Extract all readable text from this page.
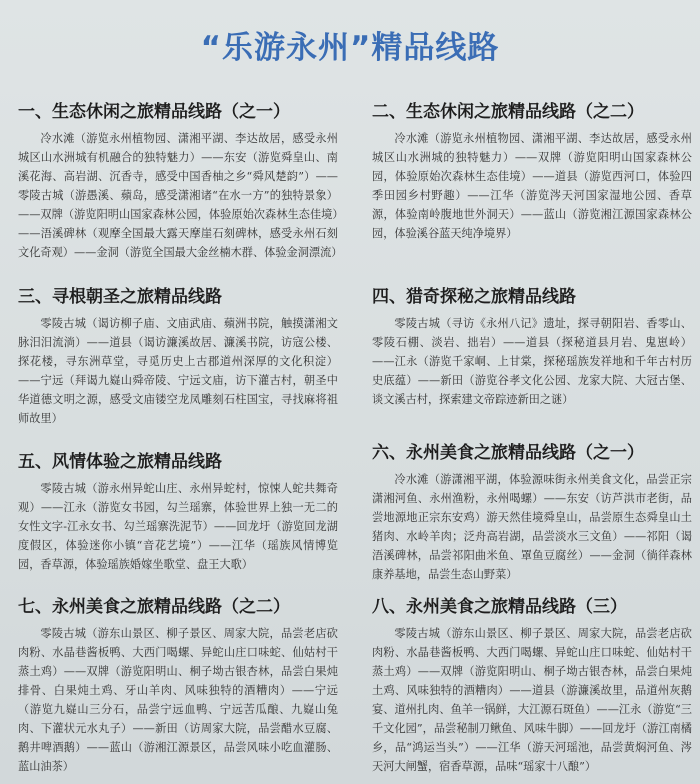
“乐游永州”精品线路
一、生态休闲之旅精品线路（之一）

冷水滩（游览永州植物园、潇湘平湖、李达故居，感受永州城区山水洲城有机融合的独特魅力）——东安（游览舜皇山、南溪花海、高岩湖、沉香寺，感受中国香柚之乡“舜风楚韵”）——零陵古城（游愚溪、蘋岛，感受潇湘诸“在水一方”的独特景象）——双牌（游览阳明山国家森林公园，体验原始次森林生态佳境）——浯溪碑林（观摩全国最大露天摩崖石刻碑林，感受永州石刻文化奇观）——金洞（游览全国最大金丝楠木群、体验金洞漂流）

二、生态休闲之旅精品线路（之二）

冷水滩（游览永州植物园、潇湘平湖、李达故居，感受永州城区山水洲城的独特魅力）——双牌（游览阳明山国家森林公园，体验原始次森林生态佳境）——道县（游览西河口，体验四季田园乡村野趣）——江华（游览涔天河国家湿地公园、香草源，体验南岭腹地世外洞天）——蓝山（游览湘江源国家森林公园，体验溪谷蓝天纯净境界）

三、寻根朝圣之旅精品线路

零陵古城（谒访柳子庙、文庙武庙、蘋洲书院，触摸潇湘文脉汨汨流淌）——道县（谒访濂溪故居、濂溪书院，访寇公楼、探花楼，寻东洲草堂，寻觅历史上古郡道州深厚的文化积淀）——宁远（拜谒九嶷山舜帝陵、宁远文庙，访下灌古村，朝圣中华道德文明之源，感受文庙镂空龙凤雕刻石柱国宝，寻找麻将祖师故里）

四、猎奇探秘之旅精品线路

零陵古城（寻访《永州八记》遗址，探寻朝阳岩、香零山、零陵石棚、淡岩、拙岩）——道县（探秘道县月岩、鬼崽岭）——江永（游览千家峒、上甘棠，探秘瑶族发祥地和千年古村历史底蕴）——新田（游览谷孝文化公园、龙家大院、大冠古堡、谈文溪古村，探索建文帝踪迹新田之谜）

五、风情体验之旅精品线路

零陵古城（游永州异蛇山庄、永州异蛇村，惊悚人蛇共舞奇观）——江永（游览女书园，勾兰瑶寨，体验世界上独一无二的女性文字-江永女书、勾兰瑶寨洗泥节）——回龙圩（游览回龙湖度假区，体验迷你小镇“音花艺境”）——江华（瑶族风情博览园，香草源，体验瑶族婚嫁坐歌堂、盘王大歌）

六、永州美食之旅精品线路（之一）

冷水滩（游潇湘平湖，体验源味街永州美食文化，品尝正宗潇湘河鱼、永州渔粉，永州喝螺）——东安（访芦洪市老街，品尝地源地正宗东安鸡）游天然佳境舜皇山，品尝原生态舜皇山土猪肉、水岭羊肉；泛舟高岩湖，品尝淡水三文鱼）——祁阳（谒浯溪碑林，品尝祁阳曲米鱼、罩鱼豆腐丝）——金洞（徜徉森林康养基地，品尝生态山野菜）

七、永州美食之旅精品线路（之二）

零陵古城（游东山景区、柳子景区、周家大院，品尝老店砍肉粉、水晶巷酱板鸭、大西门喝螺、异蛇山庄口味蛇、仙姑村干蒸土鸡）——双牌（游览阳明山、桐子坳古银杏林，品尝白果炖排骨、白果炖土鸡、牙山羊肉、风味独特的酒糟肉）——宁远（游览九嶷山三分石，品尝宁远血鸭、宁远苦瓜酿、九嶷山兔肉、下灌状元水丸子）——新田（访周家大院，品尝醋水豆腐、鹅井啤酒鹅）——蓝山（游湘江源景区，品尝风味小吃血灌肠、蓝山油茶）

八、永州美食之旅精品线路（三）

零陵古城（游东山景区、柳子景区、周家大院，品尝老店砍肉粉、水晶巷酱板鸭、大西门喝螺、异蛇山庄口味蛇、仙姑村干蒸土鸡）——双牌（游览阳明山、桐子坳古银杏林，品尝白果炖土鸡、风味独特的酒糟肉）——道县（游濂溪故里，品道州灰鹅宴、道州扎肉、鱼羊一锅鲜，大江源石斑鱼）——江永（游览“三千文化园”，品尝秘制刀鳅鱼、风味牛脚）——回龙圩（游江南橘乡，品“鸿运当头”）——江华（游天河瑶池，品尝黄焖河鱼、涔天河大闸蟹，宿香草源，品味“瑶家十八酿”）
